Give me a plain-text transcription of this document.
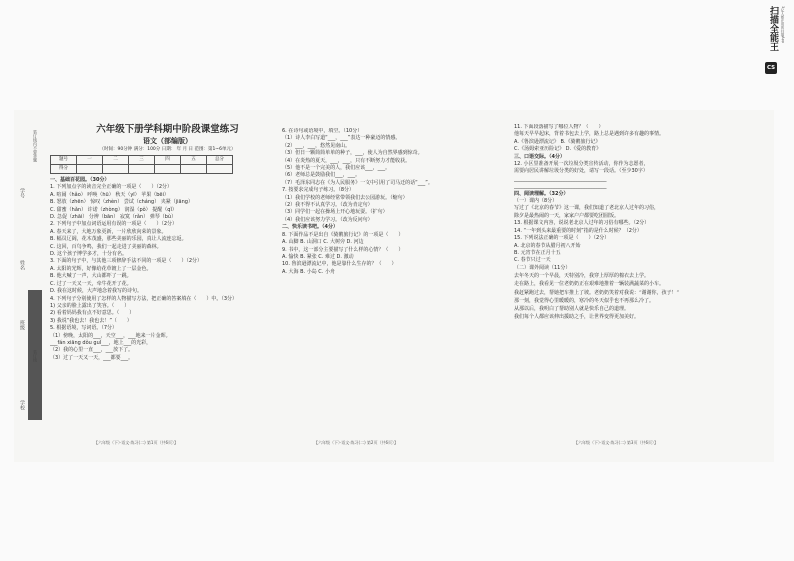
扫描全能王 3亿人都在用的扫描App
CS
学号
姓名
班级
学校
装订线内不要答题
装订线
六年级下册学科期中阶段课堂练习
语文（部编版）
（时间：90分钟 满分：100分 日期： 年 月 日 范围：第1~6单元）
题号	一	二	三	四	五	总分
得分						
一、基础百花园。（30分）
1. 下列加点字的读音完全正确的一项是（　　）（2分）
A. 喧闹（hǎo） 呼唤（hū） 秋天（yī） 苹果（bēi）
B. 怒放（zhēn） 惊叹（zhèn） 尝试（cháng） 夹紧（jiāng）
C. 甜蜜（hǎn） 许诺（zhòng） 润湿（pǒ） 提醒（qǐ）
D. 急促（zhāi） 分辨（bān） 寂寞（rǎn） 弹琴（bù）
2. 下列句子中加点词语运用有误的一项是（　　）（2分）
A. 春天来了，大地万象更新，一片欣欣向荣的景象。
B. 幅员辽阔，花木茂盛，那些美丽的乐园，真让人流连忘返。
C. 这回，百鸟争鸣，我们一起走进了美丽的森林。
D. 这个孩子博学多才，十分有名。
3. 下面的句子中，与其他三项修辞手法不同的一项是（　　）（2分）
A. 太阳的光辉，好像给花草镀上了一层金色。
B. 他大喊了一声，大山都吓了一跳。
C. 过了一天又一天，牵牛花开了花。
D. 我在这时候，大声地念着我写的诗句。
4. 下列句子分别使用了怎样的人物描写方法，把正确的答案填在（　　）中。（3分）
1) 父亲的脸上露出了笑容。（　　）
2) 看着妈妈我有点不好意思。（　　）
3) 我说“我也去！我也去！”（　　）
5. 根据语境，写词语。（7分）
（1）傍晚，太阳的___，天空___，___地来一片金晖。
___fán xiāng dǒu guǐ___，地上___的光彩，
（2）我的心里一直___，___放下了。
（3）过了一天又一天，___都要___。
6. 在诗句或语境中，填空。（10分）
（1）诗人李白写道“___，___”表达一种豪迈的情感。
（2）___，___，悠然见南山。
（3）但日一颗简简单单的种子，___，使人为自然界感到惊奇。
（4）在炎热的夏天，___，___，只有不断努力才能收获。
（5）他不是一个完美的人，我们应该___，___。
（6）老师总是鼓励我们___，___。
（7）毛泽东同志在《为人民服务》一文中引用了司马迁的话“___”。
7. 按要求完成句子练习。（8分）
（1）我们学校的老师经常带领我们去公园游玩。（缩句）
（2）我不得不认真学习。（改为肯定句）
（3）同学们一起在操场上开心地玩耍。（扩句）
（4）我们应该努力学习。（改为反问句）
二、快乐读书吧。（4分）
8. 下面作品不是出自《骑鹅旅行记》的一项是（　　）
A. 山脚 B. 山洞口 C. 大树旁 D. 河边
9. 书中，这一部分主要描写了什么样的心情？（　　）
A. 愉快 B. 紧张 C. 难过 D. 激动
10. 鲁滨逊漂流记中，他是靠什么生存的？（　　）
A. 大海 B. 小岛 C. 小舟
11. 下面段落描写了哪位人物？（　　）
他每天早早起床，背着书包去上学，路上总是遇到许多有趣的事情。
A.《鲁滨逊漂流记》 B.《骑鹅旅行记》
C.《汤姆索亚历险记》 D.《爱的教育》
三、口语交际。（4分）
12. 小区里准备开展一次垃圾分类宣传活动，你作为志愿者，
需要向居民讲解垃圾分类的好处，请写一段话。（至少30字）
_____________________________________
_____________________________________
四、阅读理解。（32分）
（一）课内（8分）
写过了《北京的春节》这一课，我们知道了老北京人过年的习俗，
除夕是最热闹的一天，家家户户都要吃团圆饭。
13. 根据课文内容，说说老北京人过年的习俗有哪些。（2分）
14. “一年到头来最重要的时刻”指的是什么时候？（2分）
15. 下列说法正确的一项是（　　）（2分）
A. 北京的春节从腊月初八开始
B. 元宵节在正月十五
C. 春节只过一天
（二）课外阅读（11分）
去年冬天的一个早晨，天特别冷，我穿上厚厚的棉衣去上学。
走在路上，我看见一位老奶奶正在艰难地推着一辆装满蔬菜的小车。
我赶紧跑过去，帮她把车推上了坡。老奶奶笑着对我说：“谢谢你，孩子！”
那一刻，我觉得心里暖暖的，寒冷的冬天似乎也不再那么冷了。
从那以后，我明白了帮助别人就是快乐自己的道理。
我们每个人都应该伸出援助之手，让世界变得更加美好。
【六年级（下）·语文·练习(二) 第1页（共6页）】	【六年级（下）·语文·练习(二) 第2页（共6页）】	【六年级（下）·语文·练习(二) 第3页（共6页）】
